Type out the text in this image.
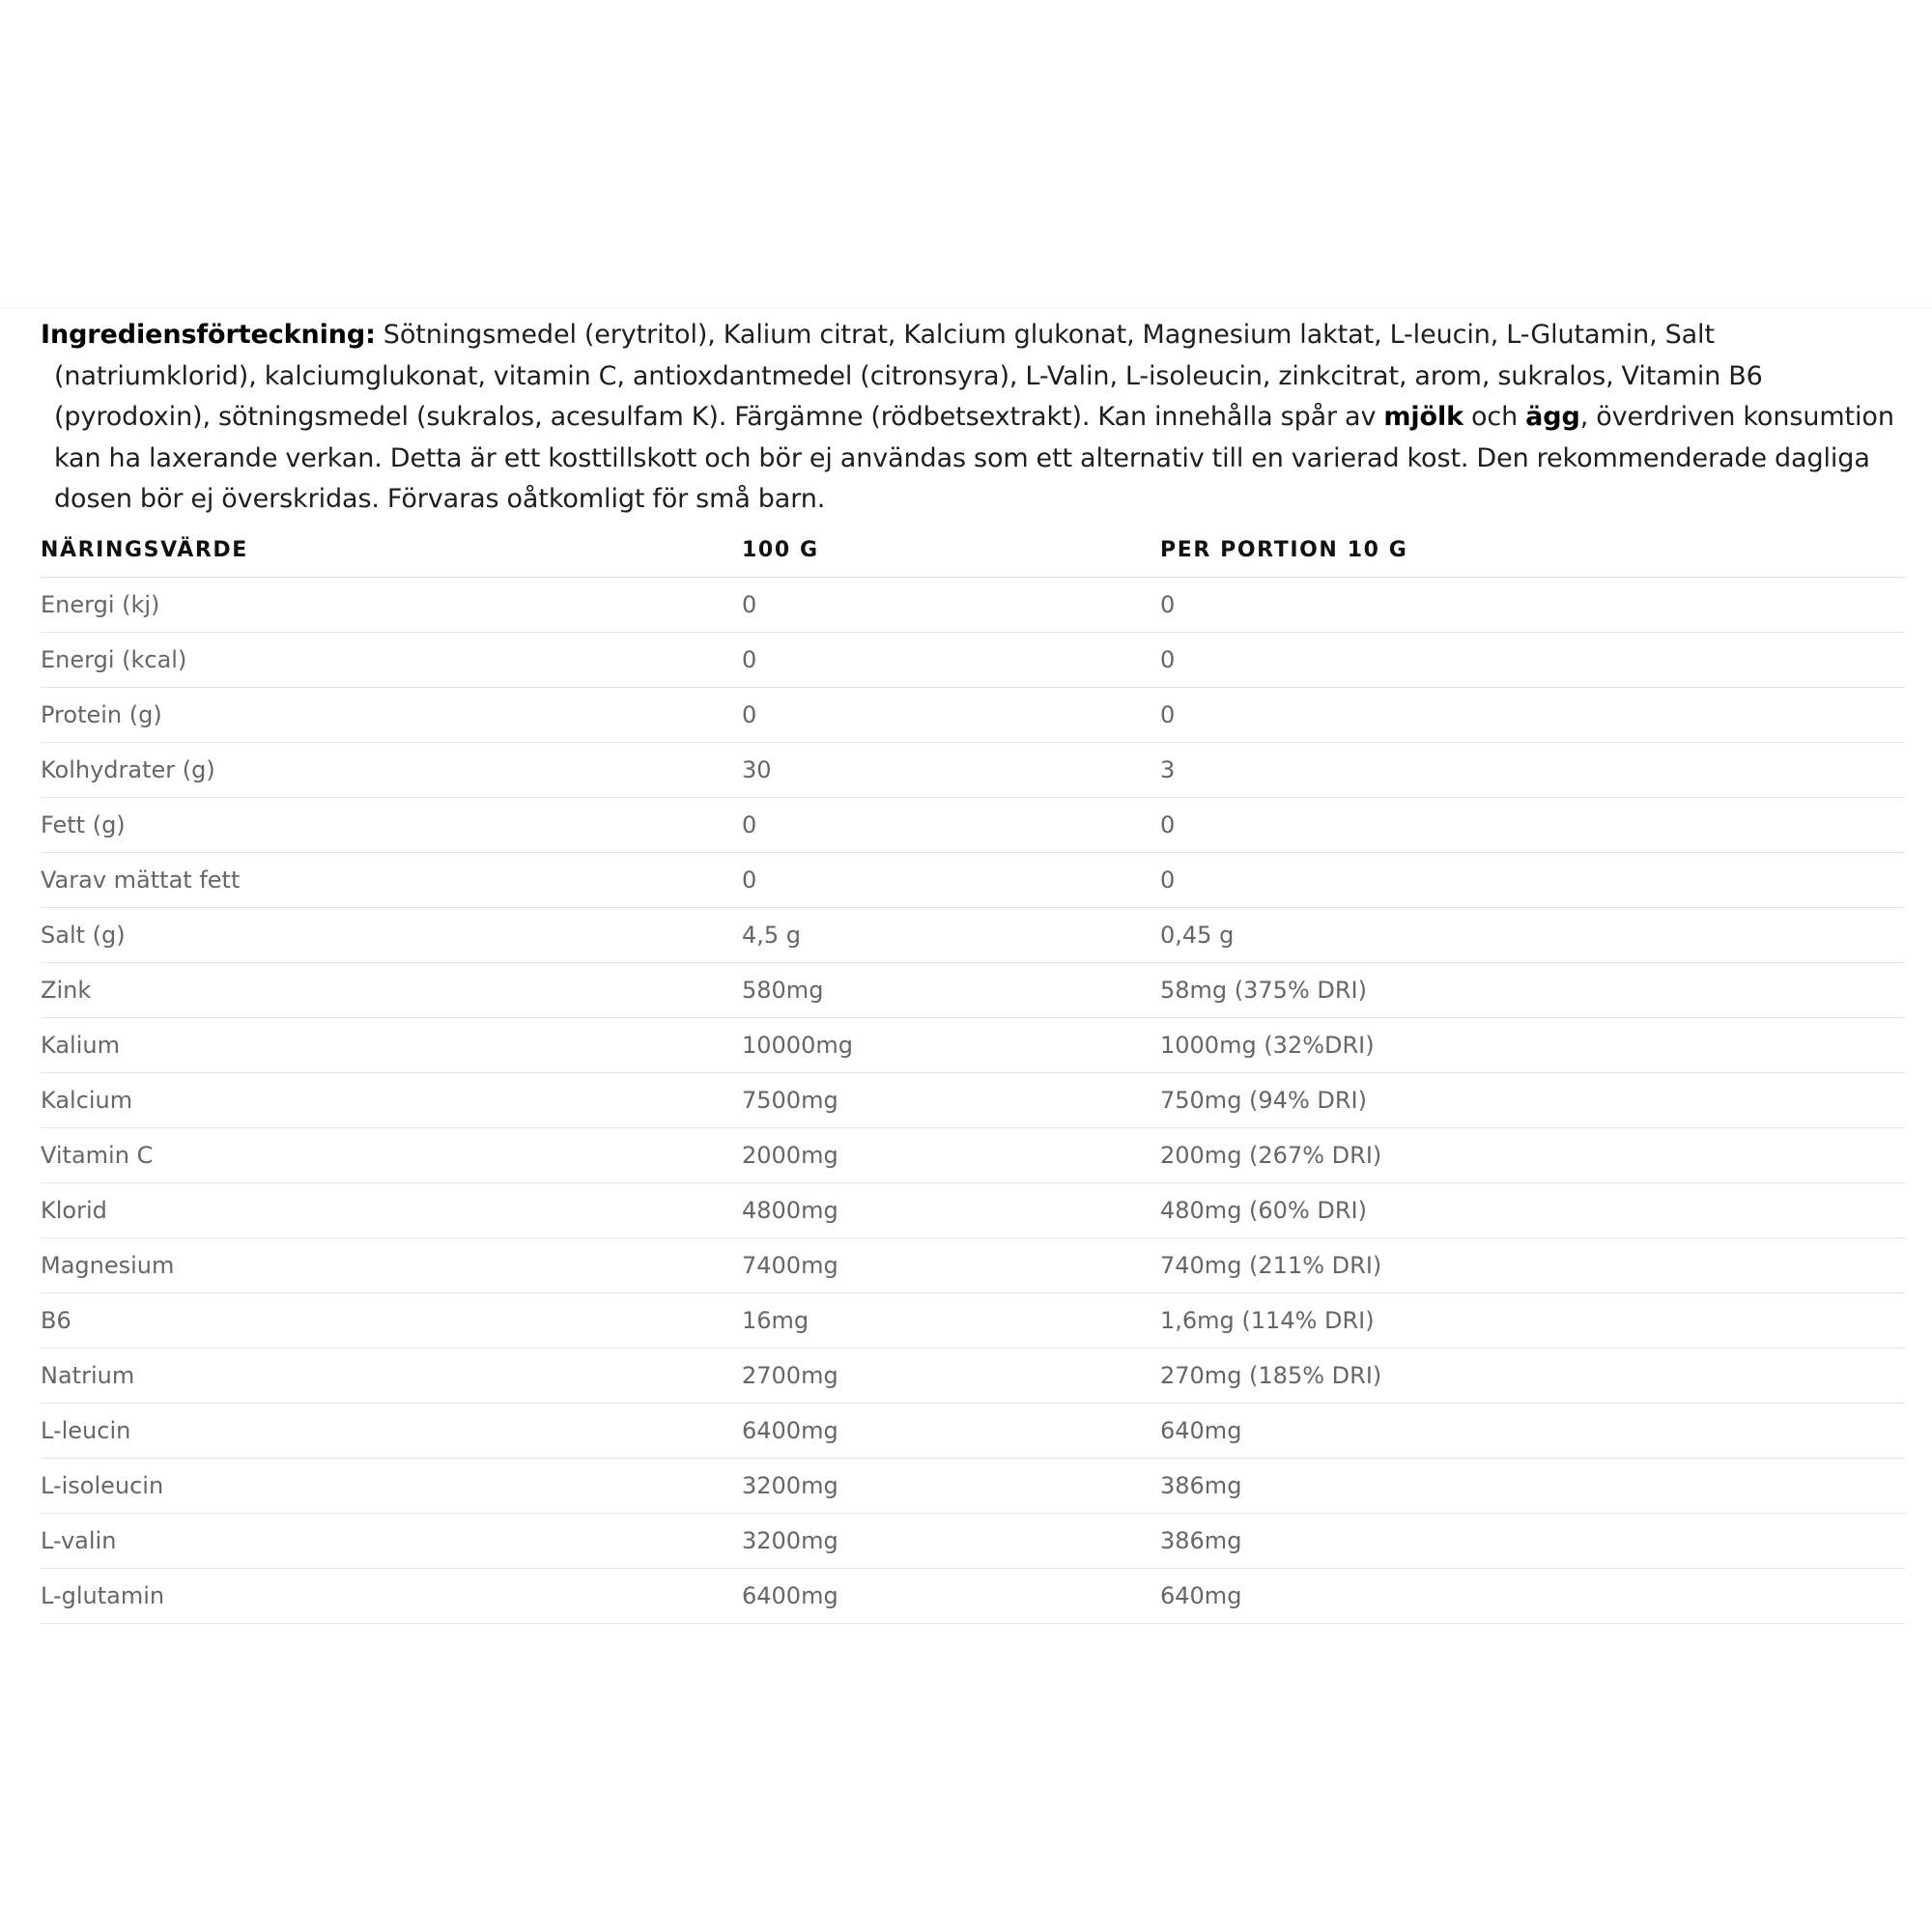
Ingrediensförteckning: Sötningsmedel (erytritol), Kalium citrat, Kalcium glukonat, Magnesium laktat, L-leucin, L-Glutamin, Salt (natriumklorid), kalciumglukonat, vitamin C, antioxdantmedel (citronsyra), L-Valin, L-isoleucin, zinkcitrat, arom, sukralos, Vitamin B6 (pyrodoxin), sötningsmedel (sukralos, acesulfam K). Färgämne (rödbetsextrakt). Kan innehålla spår av mjölk och ägg, överdriven konsumtion kan ha laxerande verkan. Detta är ett kosttillskott och bör ej användas som ett alternativ till en varierad kost. Den rekommenderade dagliga dosen bör ej överskridas. Förvaras oåtkomligt för små barn.

NÄRINGSVÄRDE	100 G	PER PORTION 10 G
Energi (kj)	0	0
Energi (kcal)	0	0
Protein (g)	0	0
Kolhydrater (g)	30	3
Fett (g)	0	0
Varav mättat fett	0	0
Salt (g)	4,5 g	0,45 g
Zink	580mg	58mg (375% DRI)
Kalium	10000mg	1000mg (32%DRI)
Kalcium	7500mg	750mg (94% DRI)
Vitamin C	2000mg	200mg (267% DRI)
Klorid	4800mg	480mg (60% DRI)
Magnesium	7400mg	740mg (211% DRI)
B6	16mg	1,6mg (114% DRI)
Natrium	2700mg	270mg (185% DRI)
L-leucin	6400mg	640mg
L-isoleucin	3200mg	386mg
L-valin	3200mg	386mg
L-glutamin	6400mg	640mg
